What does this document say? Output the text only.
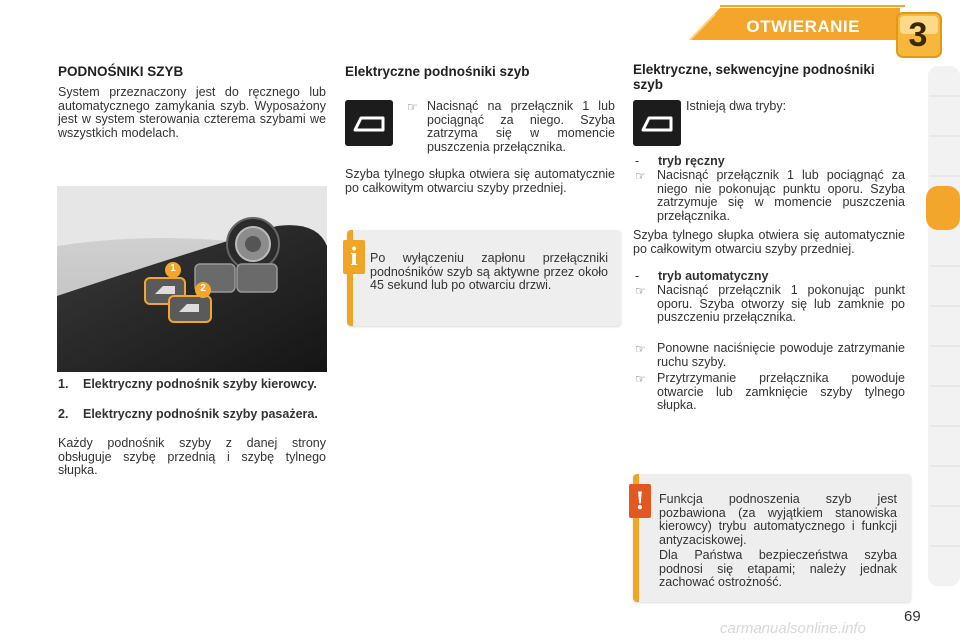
OTWIERANIE	3
PODNOŚNIKI SZYB
System przeznaczony jest do ręcznego lub automatycznego zamykania szyb. Wyposażony jest w system sterowania czterema szybami we wszystkich modelach.
1
2
1.	Elektryczny podnośnik szyby kierowcy.
2.	Elektryczny podnośnik szyby pasażera.
Każdy podnośnik szyby z danej strony obsługuje szybę przednią i szybę tylnego słupka.
Elektryczne podnośniki szyb
☞ Nacisnąć na przełącznik 1 lub pociągnąć za niego. Szyba zatrzyma się w momencie puszczenia przełącznika.
Szyba tylnego słupka otwiera się automatycznie po całkowitym otwarciu szyby przedniej.
i Po wyłączeniu zapłonu przełączniki podnośników szyb są aktywne przez około 45 sekund lub po otwarciu drzwi.
Elektryczne, sekwencyjne podnośniki szyb
Istnieją dwa tryby:
- tryb ręczny
☞ Nacisnąć przełącznik 1 lub pociągnąć za niego nie pokonując punktu oporu. Szyba zatrzymuje się w momencie puszczenia przełącznika.
Szyba tylnego słupka otwiera się automatycznie po całkowitym otwarciu szyby przedniej.
- tryb automatyczny
☞ Nacisnąć przełącznik 1 pokonując punkt oporu. Szyba otworzy się lub zamknie po puszczeniu przełącznika.
☞ Ponowne naciśnięcie powoduje zatrzymanie ruchu szyby.
☞ Przytrzymanie przełącznika powoduje otwarcie lub zamknięcie szyby tylnego słupka.
!	Funkcja podnoszenia szyb jest pozbawiona (za wyjątkiem stanowiska kierowcy) trybu automatycznego i funkcji antyzaciskowej.
Dla Państwa bezpieczeństwa szyba podnosi się etapami; należy jednak zachować ostrożność.
69
carmanualsonline.info
